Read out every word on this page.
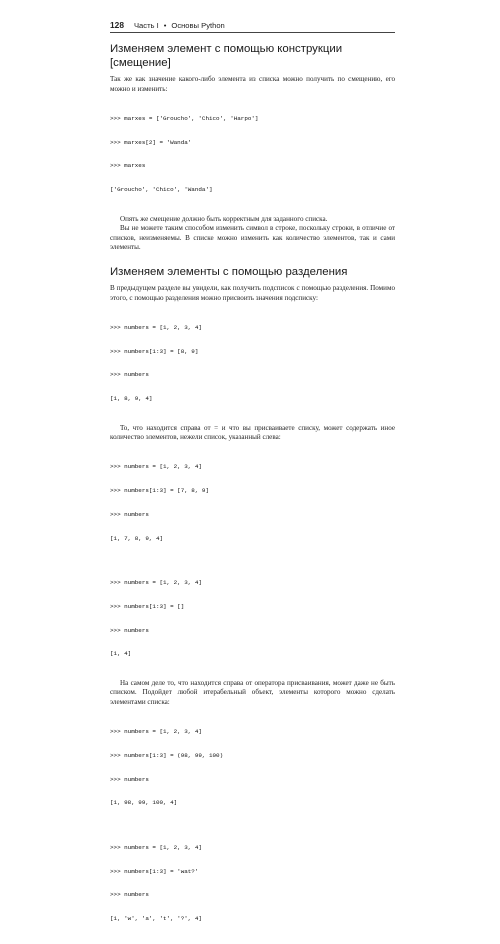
128 Часть I • Основы Python
Изменяем элемент с помощью конструкции [смещение]

Так же как значение какого-либо элемента из списка можно получить по смещению, его можно и изменить:

>>> marxes = ['Groucho', 'Chico', 'Harpo']

>>> marxes[2] = 'Wanda'

>>> marxes

['Groucho', 'Chico', 'Wanda']

Опять же смещение должно быть корректным для заданного списка.

Вы не можете таким способом изменить символ в строке, поскольку строки, в отличие от списков, неизменяемы. В списке можно изменить как количество элементов, так и сами элементы.

Изменяем элементы с помощью разделения

В предыдущем разделе вы увидели, как получить подсписок с помощью разделения. Помимо этого, с помощью разделения можно присвоить значения подсписку:

>>> numbers = [1, 2, 3, 4]

>>> numbers[1:3] = [8, 9]

>>> numbers

[1, 8, 9, 4]

То, что находится справа от = и что вы присваиваете списку, может содержать иное количество элементов, нежели список, указанный слева:

>>> numbers = [1, 2, 3, 4]

>>> numbers[1:3] = [7, 8, 9]

>>> numbers

[1, 7, 8, 9, 4]

>>> numbers = [1, 2, 3, 4]

>>> numbers[1:3] = []

>>> numbers

[1, 4]

На самом деле то, что находится справа от оператора присваивания, может даже не быть списком. Подойдет любой итерабельный объект, элементы которого можно сделать элементами списка:

>>> numbers = [1, 2, 3, 4]

>>> numbers[1:3] = (98, 99, 100)

>>> numbers

[1, 98, 99, 100, 4]

>>> numbers = [1, 2, 3, 4]

>>> numbers[1:3] = 'wat?'

>>> numbers

[1, 'w', 'a', 't', '?', 4]
